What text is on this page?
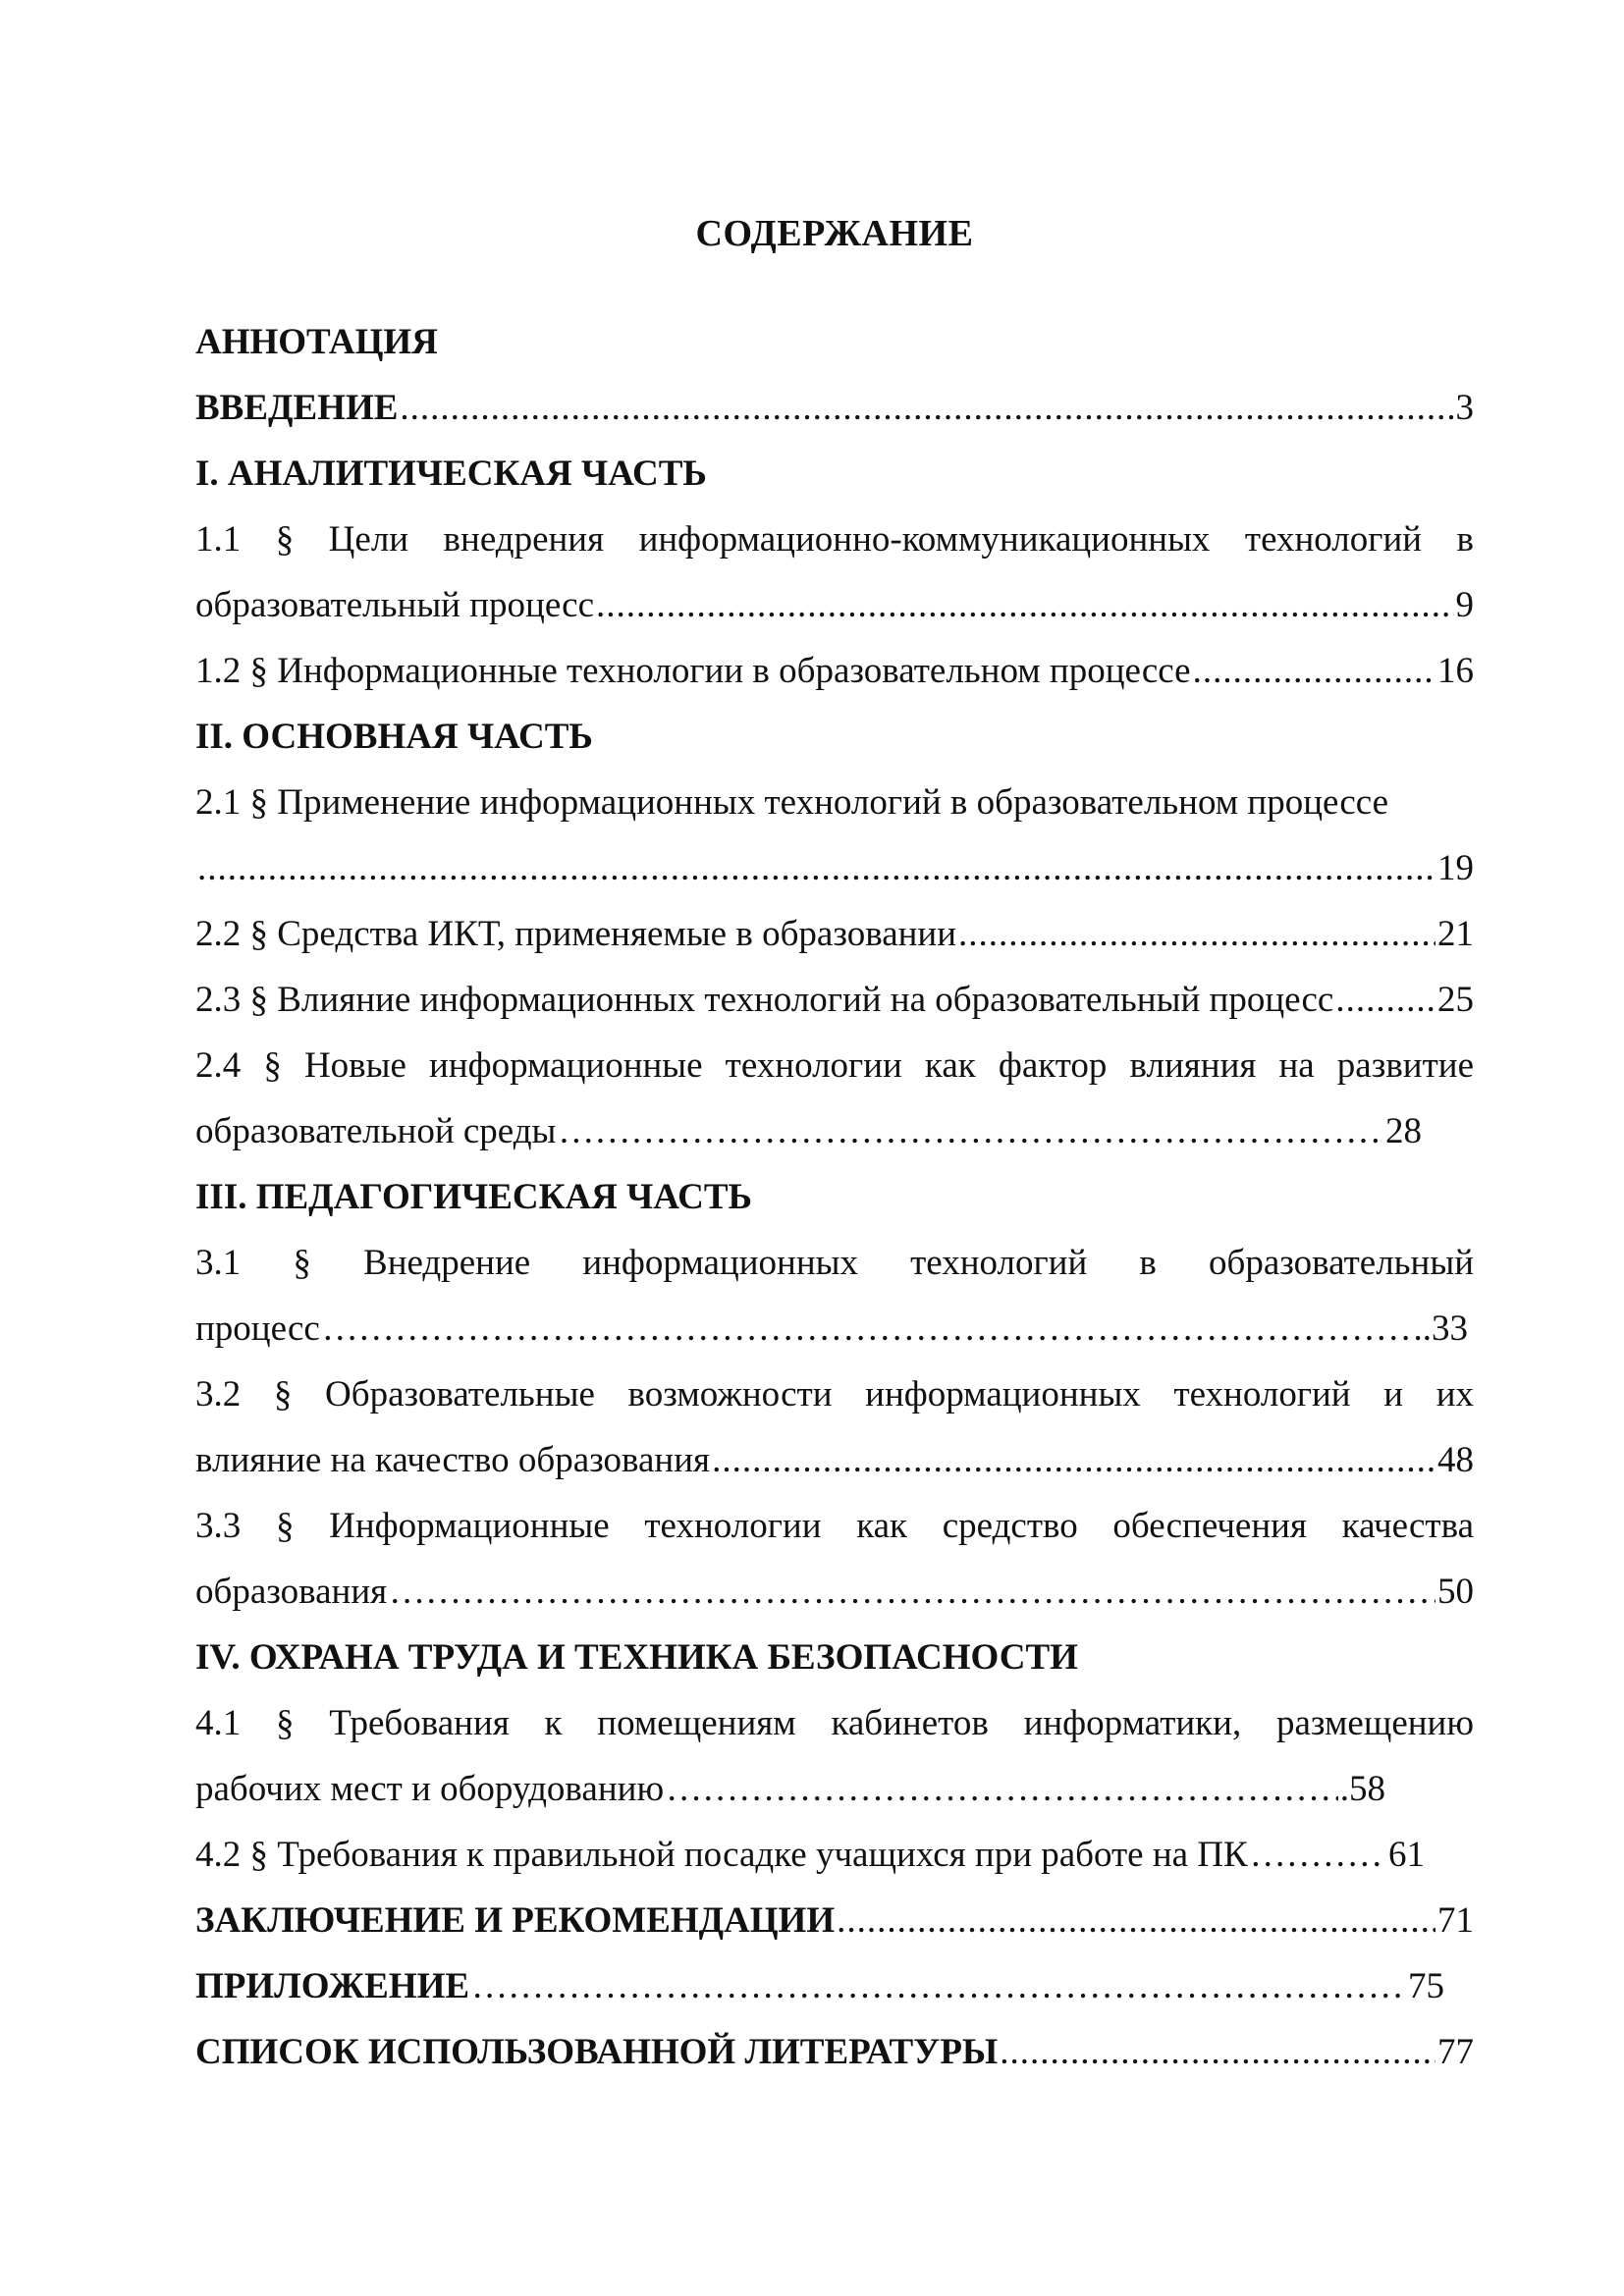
СОДЕРЖАНИЕ
АННОТАЦИЯ
ВВЕДЕНИЕ .....	3
I. АНАЛИТИЧЕСКАЯ ЧАСТЬ
1.1 § Цели внедрения информационно-коммуникационных технологий в
образовательный процесс .....	9
1.2 § Информационные технологии в образовательном процессе .....	16
II. ОСНОВНАЯ ЧАСТЬ
2.1 § Применение информационных технологий в образовательном процессе
.....
19
2.2 § Средства ИКТ, применяемые в образовании .....	21
2.3 § Влияние информационных технологий на образовательный процесс .....	25
2.4 § Новые информационные технологии как фактор влияния на развитие
образовательной среды ………………………………………………………………………………………………………………………………………………………………………………………	28
III. ПЕДАГОГИЧЕСКАЯ ЧАСТЬ
3.1 § Внедрение информационных технологий в образовательный
процесс ………………………………………………………………………………………………………………………………………………………………………………………	..33
3.2 § Образовательные возможности информационных технологий и их
влияние на качество образования .....	48
3.3 § Информационные технологии как средство обеспечения качества
образования ………………………………………………………………………………………………………………………………………………………………………………………	50
IV. ОХРАНА ТРУДА И ТЕХНИКА БЕЗОПАСНОСТИ
4.1 § Требования к помещениям кабинетов информатики, размещению
рабочих мест и оборудованию ………………………………………………………………………………………………………………………………………………………………………………………	.58
4.2 § Требования к правильной посадке учащихся при работе на ПК ………………………………………………………………………………………………………………………………………………………………………………………	61
ЗАКЛЮЧЕНИЕ И РЕКОМЕНДАЦИИ .....	71
ПРИЛОЖЕНИЕ ………………………………………………………………………………………………………………………………………………………………………………………	75
СПИСОК ИСПОЛЬЗОВАННОЙ ЛИТЕРАТУРЫ .....	77
